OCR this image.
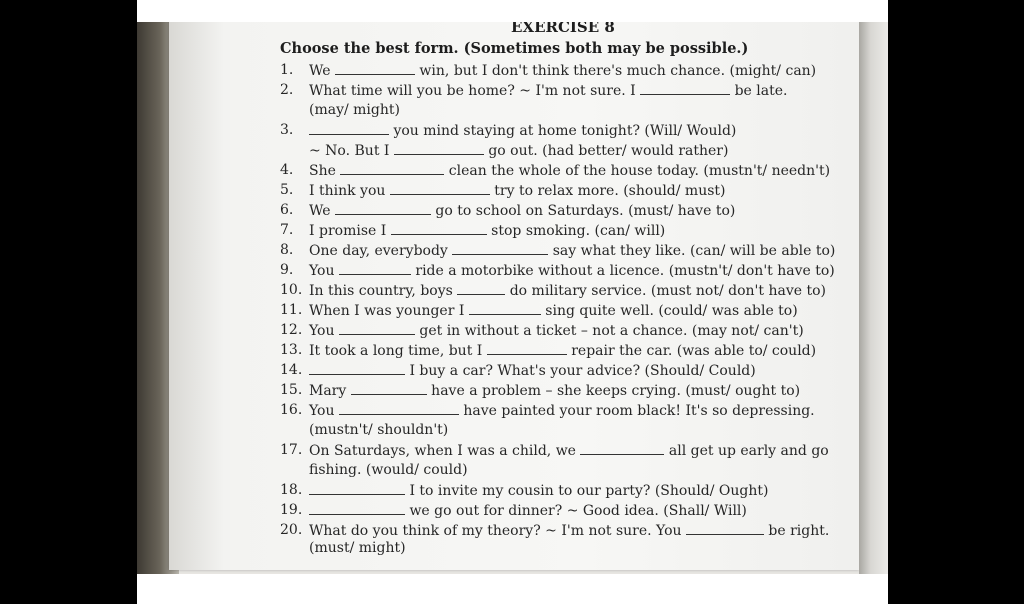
EXERCISE 8
Choose the best form. (Sometimes both may be possible.)
1. We	win, but I don't think there's much chance. (might/ can)
2. What time will you be home? ~ I'm not sure. I	be late.
(may/ might)
3.	you mind staying at home tonight? (Will/ Would)
~ No. But I	go out. (had better/ would rather)
4. She	clean the whole of the house today. (mustn't/ needn't)
5. I think you	try to relax more. (should/ must)
6. We	go to school on Saturdays. (must/ have to)
7. I promise I	stop smoking. (can/ will)
8. One day, everybody	say what they like. (can/ will be able to)
9. You	ride a motorbike without a licence. (mustn't/ don't have to)
10. In this country, boys	do military service. (must not/ don't have to)
11. When I was younger I	sing quite well. (could/ was able to)
12. You	get in without a ticket – not a chance. (may not/ can't)
13. It took a long time, but I	repair the car. (was able to/ could)
14.	I buy a car? What's your advice? (Should/ Could)
15. Mary	have a problem – she keeps crying. (must/ ought to)
16. You	have painted your room black! It's so depressing.
(mustn't/ shouldn't)
17. On Saturdays, when I was a child, we	all get up early and go
fishing. (would/ could)
18.	I to invite my cousin to our party? (Should/ Ought)
19.	we go out for dinner? ~ Good idea. (Shall/ Will)
20. What do you think of my theory? ~ I'm not sure. You	be right.
(must/ might)
